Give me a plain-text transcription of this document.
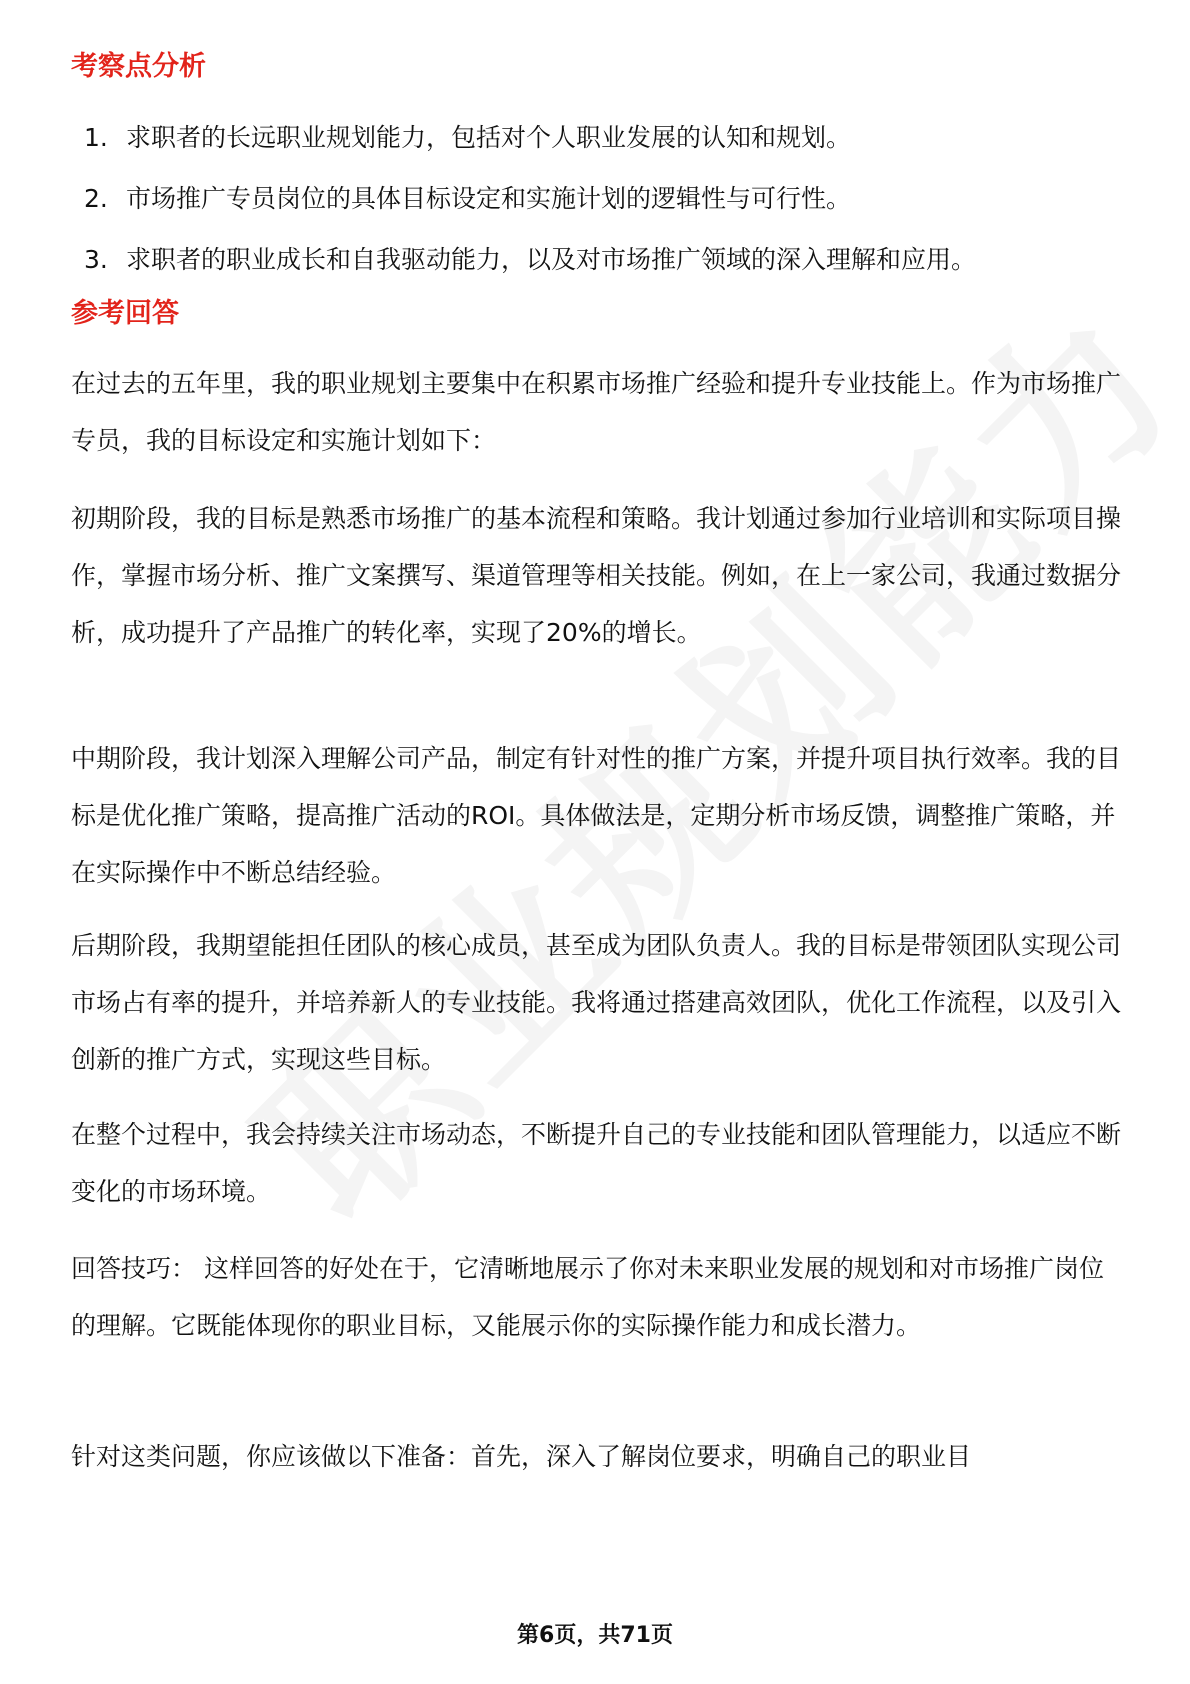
考察点分析
1. 求职者的长远职业规划能力，包括对个人职业发展的认知和规划。
2. 市场推广专员岗位的具体目标设定和实施计划的逻辑性与可行性。
3. 求职者的职业成长和自我驱动能力，以及对市场推广领域的深入理解和应用。
参考回答

在过去的五年里，我的职业规划主要集中在积累市场推广经验和提升专业技能上。作为市场推广专员，我的目标设定和实施计划如下：

初期阶段，我的目标是熟悉市场推广的基本流程和策略。我计划通过参加行业培训和实际项目操作，掌握市场分析、推广文案撰写、渠道管理等相关技能。例如，在上一家公司，我通过数据分析，成功提升了产品推广的转化率，实现了20%的增长。

中期阶段，我计划深入理解公司产品，制定有针对性的推广方案，并提升项目执行效率。我的目标是优化推广策略，提高推广活动的ROI。具体做法是，定期分析市场反馈，调整推广策略，并在实际操作中不断总结经验。

后期阶段，我期望能担任团队的核心成员，甚至成为团队负责人。我的目标是带领团队实现公司市场占有率的提升，并培养新人的专业技能。我将通过搭建高效团队，优化工作流程，以及引入创新的推广方式，实现这些目标。

在整个过程中，我会持续关注市场动态，不断提升自己的专业技能和团队管理能力，以适应不断变化的市场环境。

回答技巧： 这样回答的好处在于，它清晰地展示了你对未来职业发展的规划和对市场推广岗位的理解。它既能体现你的职业目标，又能展示你的实际操作能力和成长潜力。

针对这类问题，你应该做以下准备：首先，深入了解岗位要求，明确自己的职业目

第6页，共71页
